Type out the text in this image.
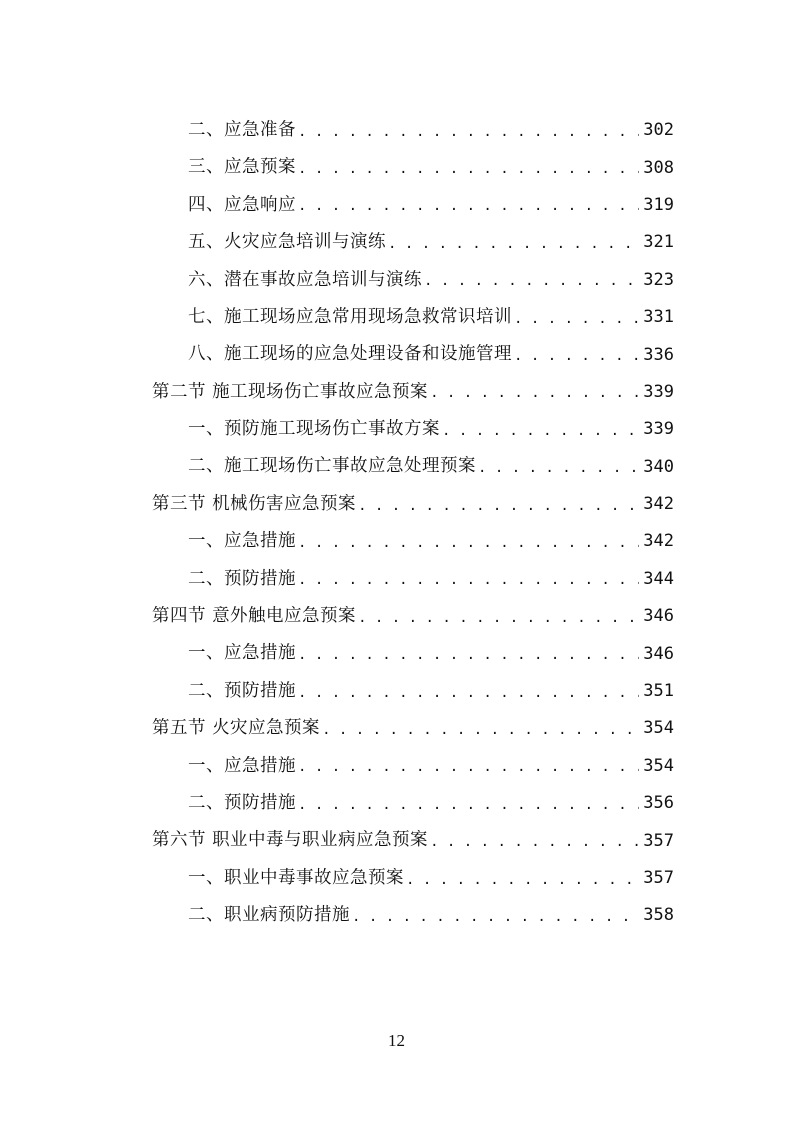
二、应急准备 . . .	302
三、应急预案 . . .	308
四、应急响应 . . .	319
五、火灾应急培训与演练 . . .	321
六、潜在事故应急培训与演练 . . .	323
七、施工现场应急常用现场急救常识培训 . . .	331
八、施工现场的应急处理设备和设施管理 . . .	336
第二节 施工现场伤亡事故应急预案 . . .	339
一、预防施工现场伤亡事故方案 . . .	339
二、施工现场伤亡事故应急处理预案 . . .	340
第三节 机械伤害应急预案 . . .	342
一、应急措施 . . .	342
二、预防措施 . . .	344
第四节 意外触电应急预案 . . .	346
一、应急措施 . . .	346
二、预防措施 . . .	351
第五节 火灾应急预案 . . .	354
一、应急措施 . . .	354
二、预防措施 . . .	356
第六节 职业中毒与职业病应急预案 . . .	357
一、职业中毒事故应急预案 . . .	357
二、职业病预防措施 . . .	358
12
